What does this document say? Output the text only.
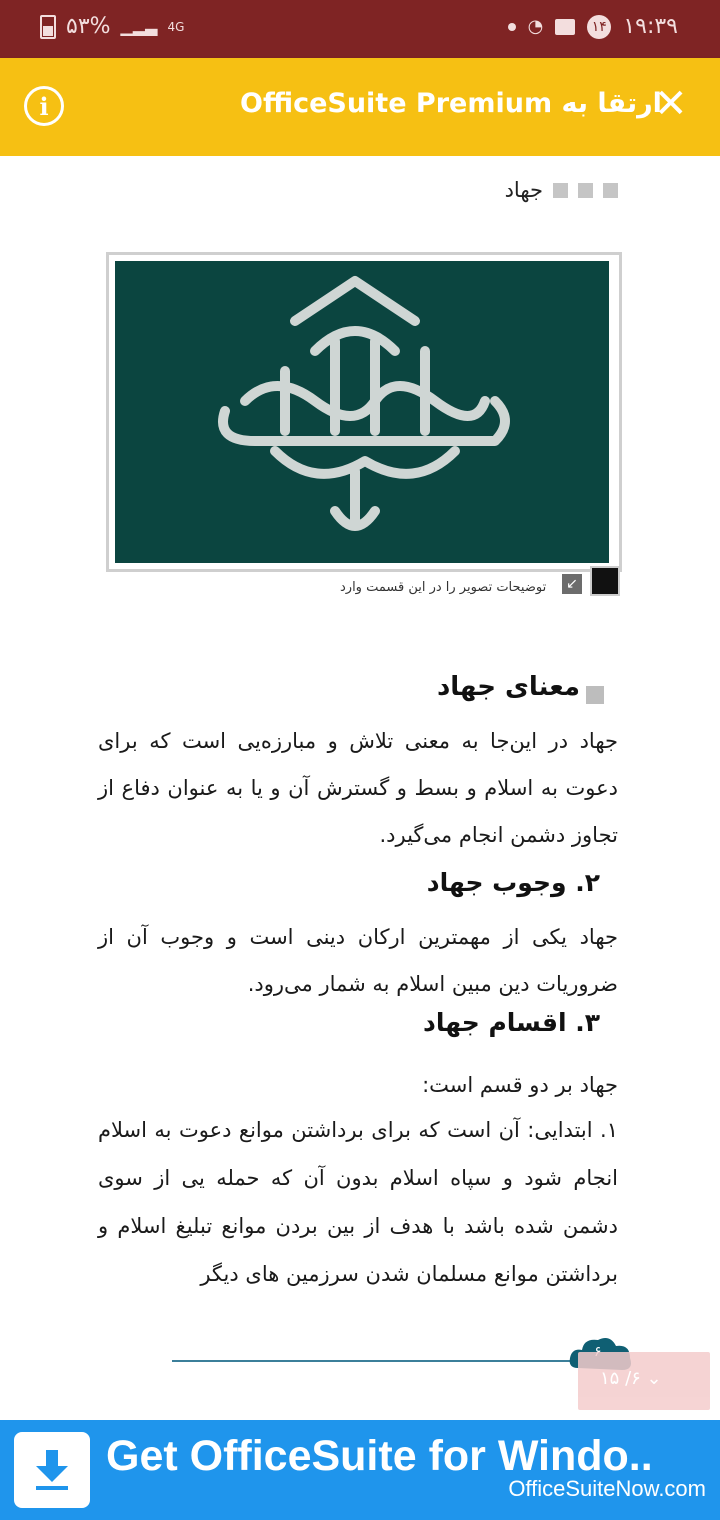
۵۳% ▁▂▃ 4G	◔	۱۴ ۱۹:۳۹
i	ارتقا به OfficeSuite Premium
✕
جهاد
↙
توضیحات تصویر را در این قسمت وارد
معنای جهاد
جهاد در این‌جا به معنی تلاش و مبارزه‌یی است که برای دعوت به اسلام و بسط و گسترش آن و یا به عنوان دفاع از تجاوز دشمن انجام می‌گیرد.
۲. وجوب جهاد
جهاد یکی از مهمترین ارکان دینی است و وجوب آن از ضروریات دین مبین اسلام به شمار می‌رود.
۳. اقسام جهاد
جهاد بر دو قسم است:
۱. ابتدایی: آن است که برای برداشتن موانع دعوت به اسلام انجام شود و سپاه اسلام بدون آن که حمله یی از سوی دشمن شده باشد با هدف از بین بردن موانع تبلیغ اسلام و برداشتن موانع مسلمان شدن سرزمین های دیگر
⌄ ۶/ ۱۵
Get OfficeSuite for Windo..
OfficeSuiteNow.com
